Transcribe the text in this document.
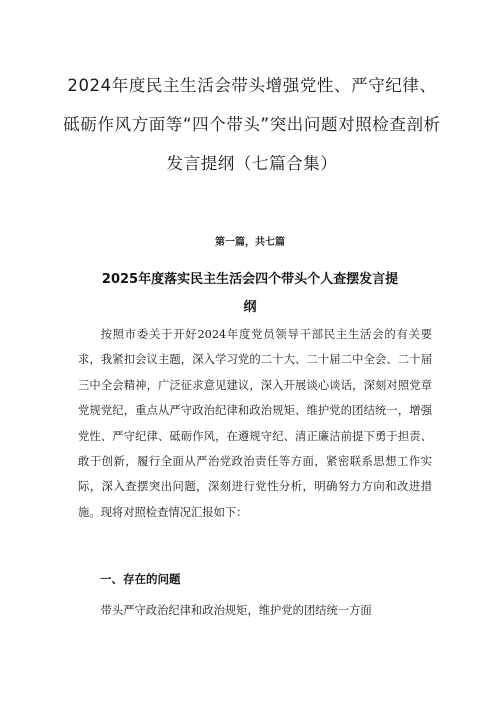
2024年度民主生活会带头增强党性、严守纪律、砥砺作风方面等“四个带头”突出问题对照检查剖析发言提纲（七篇合集）
第一篇，共七篇
2025年度落实民主生活会四个带头个人查摆发言提纲

按照市委关于开好2024年度党员领导干部民主生活会的有关要求，我紧扣会议主题，深入学习党的二十大、二十届二中全会、二十届三中全会精神，广泛征求意见建议，深入开展谈心谈话，深刻对照党章党规党纪，重点从严守政治纪律和政治规矩、维护党的团结统一，增强党性、严守纪律、砥砺作风，在遵规守纪、清正廉洁前提下勇于担责、敢于创新，履行全面从严治党政治责任等方面，紧密联系思想工作实际，深入查摆突出问题，深刻进行党性分析，明确努力方向和改进措施。现将对照检查情况汇报如下：

一、存在的问题

带头严守政治纪律和政治规矩，维护党的团结统一方面
